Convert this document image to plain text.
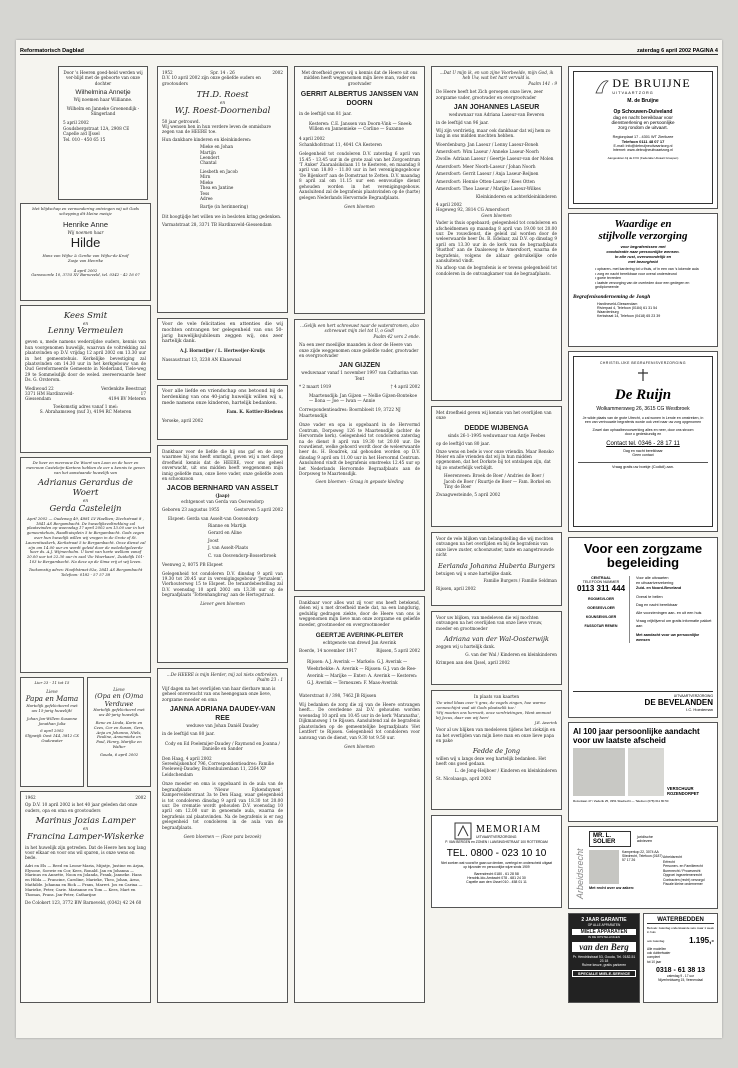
Reformatorisch Dagblad	zaterdag 6 april 2002 PAGINA 4
Door 's Heeren goed-heid werden wij ver-blijd met de geboorte van onze dochter
Wilhelmina Annetje
Wij noemen haar Willianne.
Wilhelm en Janneke Groenendijk - Slingerland
5 april 2002
Goudsbergstraat 12A, 2908 CE Capelle a/d IJssel
Tel. 010 - 450 65 15
Met blijdschap en verwondering ontvingen wij uit Gods schepping dit kleine meisje
Henrike Anne
Wij noemen haar
Hilde
Hans van Wijhe & Gerdie van Wijhe-de Kruif
Zusje van Henrike
4 april 2002
Gansvoorde 10, 3755 XV Barneveld, tel. 0342 - 42 16 07
Kees Smit
en
Lenny Vermeulen
geven u, mede namens wederzijdse ouders, kennis van hun voorgenomen huwelijk, waarvan de voltrekking zal plaatsvinden op D.V. vrijdag 12 april 2002 om 13.30 uur in het gemeentehuis. Kerkelijke bevestiging zal plaatsvinden om 14.30 uur in het kerkgebouw van de Oud Gereformeerde Gemeente in Nederland, Tiele-weg 29 te Sommelsdijk door de weled. zeereerwaarde heer Ds. G. Orsterom.
Wediwoud 22
3371 HM Hardinxveld-Giessendam
Verdenkite Beestraat 17
4194 BV Meteren
Toekomstig adres vanaf 1 mei:
S. Abrahamsweg (nuf 3), 4194 RC Meteren
De heer en mevrouw De Woert van Loon en de heer en mevrouw Casteleijn-Kartens hebben de eer u kennis te geven van het aanstaande huwelijk van
Adrianus Gerardus de Woert
en
Gerda Casteleijn
April 2002 — Oudeweg 49, 4881 LV Haelben; Ziechstraat 8 , 1841 AS Bergambacht. De huwelijksvoltrekking zal plaatsvinden op woensdag 17 april 2002 om 13.00 uur in het gemeentehuis, Raadhuisplein 5 te Bergambacht. Gods zegen over hun huwelijk willen wij vragen in de Grote of St. Laurentiuskerk, Kerkstraat 5 te Bergambacht. Onze dienst zal zijn om 14.00 uur en wordt geleid door de weledelgeleerde heer ds. A.J. Wijmenholm. U bent van harte welkom vanaf 20.00 uur tot 22.30 uur in zaal 'De Woerkaan', Zuidelijk 101-103 te Bergambacht. Na deze op de Sima vrij et wij leven.
Toekomstig adres: Hoofdstraat 82a, 2841 AS Bergambacht
Telefoon: 0182 - 57 57 38
Lier 23 - 11 tot 15
Lieve
Papa en Mama
Hartelijk gefeliciteerd met uw 15-jarig huwelijk!
Johan Jan-Willem Susanne Jonathan Julia
6 april 2002
Slijpwijk Oost 144, 3812 CX Oudewater
Lieve
(Opa en (O)ma
Verduwe
Hartelijk gefeliciteerd met uw 40-jarig huwelijk.
Rene en Linda, Karin en Cees, Cor en Susan, Gera, Anja en Johanna, Niels, Pauline, Annemieke en Paul, Henry, Marijke en Walter
Gouda, 6 april 2002
1962	2002
Op D.V. 10 april 2002 is het 40 jaar geleden dat onze ouders, opa en oma en grootouders
Marinus Jozias Lamper
en
Francina Lamper-Wiskerke
in het huwelijk zijn getreden. Dat de Heere hen nog lang voor elkaar en voor ons wil sparen, is onze wens en bede.
Adri en Els — Reed en Leone-Maria, Mijntje, Justine en Arjan, Elysone, Soewie en Cor, Kees, Ronald. Jan en Johanna — Marinus en Annette, Noon en Jolanda, Frank, Janneke. Hans en Hilda — Francine, Caroline, Marieke, Theo, Johan, Arno, Mathilde. Johanna en Rick — Frans, Marret. Jos en Carina — Marieke, Peter, Carie. Marianne en Tom — Kees, Mart en Thomas, Frans. Jan-Peter, Catharijne
De Colokert 123, 3772 BW Barneveld, (0342) 42 24 60
1952	Spr. 14 : 26	2002
D.V. 10 april 2002 zijn onze geliefde ouders en grootouders
TH.D. Roest
en
W.J. Roest-Doornenbal
50 jaar getrouwd.
Wij wensen hen in hun verdere leven de onmisbare zegen van de HEERE toe.
Hun dankbare kinderen en kleinkinderen:
Mieke en Johan
Martijn
Leendert
Chantal
Liesbeth en Jacob
Mirn
Mieke
Thea en Jantine
Tess
Adree
Bartje (in herinnering)
Dit hoogtijdje het willen we in besloten kring gedenken.
Varmatstraat 28, 3371 TB Hardinxveld-Giessendam
Voor de vele felicitaties en attenties die wij mochten ontvangen ter gelegenheid van ons 50-jarig huwelijksjubileum zeggen wij, ons zeer hartelijk dank.
A.J. Hornstijer / L. Hertweijer-Kruijs
Nassaustraat 13, 3238 AN Klaaswaal
Voor alle liefde en vriendschap ons betoond bij de herdenking van ons 40-jarig huwelijk willen wij u, mede namens onze kinderen, hartelijk bedanken.
Fam. K. Kottier-Riedens
Yerseke, april 2002
Dankbaar voor de liefde die hij ons gaf en de zorg waarmee hij ons heeft omringd, geven wij u met diepe droefheid kennis dat de HEERE, voor ons geheel onverwacht, uit ons midden heeft weggenomen mijn innig geliefde man, onze lieve vader, onze geliefde zoon en schoonzoon
JACOB BERNHARD VAN ASSELT
(Jaap)
echtgenoot van Gerda van Oosvendorp
Geboren 23 augustus 1955	Gestorven 5 april 2002
Elspeet: Gerda van Asselt-van Oosvendorp
Rianne en Martijn
Gerard en Aline
Joost
J. van Asselt-Plaats
C. van Oosvendorp-Bosserbroek
Veenweg 2, 8075 PB Elspeet
Gelegenheid tot condoleren D.V. dinsdag 9 april van 19.30 tot 20.45 uur in verenigingsgebouw 'Jeruzalem', Vierhouterweg 15 te Elspeet. De teraardebestelling zal D.V. woensdag 10 april 2002 om 13.30 uur op de begraafplaats 'Tottenhangbrug' aan de Hertogstraat.
Liever geen bloemen
...De HEERE is mijn Herder, mij zal niets ontbreken.
Psalm 23 : 1
Vijf dagen na het overlijden van haar dierbare man is geheel onverwacht van ons heengegaan onze lieve, zorgzame moeder en oma
JANNA ADRIANA DAUDEY-VAN REE
weduwe van Johan Daniël Daudey
in de leeftijd van 80 jaar.
Cody en Ed Poelemijer-Daudey / Raymond en Joanna / Danielle en Sander
Den Haag, 4 april 2002
Sereehijskenhof 796, Correspondentieadres: Familie Poeleweij-Daudey, Buitenhuizenlaan 11, 2264 XP Leidschendam
Onze moeder en oma is opgebaard in de aula van de begraafplaats 'Nieuw Eykenduynen', Kampervelderstraat 3a te Den Haag, waar gelegenheid is tot condoleren dinsdag 9 april van 18.30 tot 20.00 uur. De crematie wordt gehouden D.V. woensdag 10 april om 12.00 uur in genoemde aula, waarna de begrafenis zal plaatsvinden. Na de begrafenis is er nog gelegenheid tot condoleren in de aula van de begraafplaats.
Geen bloemen — (Face para bezoek)
Met droefheid geven wij u kennis dat de Heere uit ons midden heeft weggenomen mijn lieve man, vader en grootvader
GERRIT ALBERTUS JANSSEN VAN DOORN
in de leeftijd van 81 jaar.
Kesteren: C.E. Janssen van Doorn-Vink — Sneek: Willem en Jannemieke — Corline — Suzanne
4 april 2002
Schankhofstraat 11, 4041 CA Kesteren
Gelegenheid tot condoleren D.V. zaterdag 6 april van 15.45 - 13.45 uur in de grote zaal van het Zorgcentrum 'T Anker' Zaaraalsikslaan 11 te Kesteren, en maandag 8 april van 18.00 - 11.00 uur in het verenigingsgebouw 'De Bijenkorf' aan de Domstraat te Zetten. D.V. maandag 8 april zal om 11.15 uur een eenvoudige dienst gehouden worden in het verenigingsgebouw. Aansluitend zal de begrafenis plaatsvinden op de (harte) gelegen Nederlands Hervormde Begraafplaats.
Geen bloemen
...Gelijk een hert schreeuwt naar de waterstromen, alzo schreeuwt mijn ziel tot U, o God!
Psalm 42 vers 2 ende.
Na een zeer moeilijke maanden is door de Heere van onze zijde weggenomen onze geliefde vader, grootvader en overgrootvader
JAN GIJZEN
weduwnaar vanaf 1 november 1997 van Catharina van Tent
* 2 maart 1919	† 4 april 2002
Maartensdijk: Jan Gijzen — Nellie Gijzen-Bontekoe — Ilona — Joe — Iwan — Annie
Correspondentieadres: Boornbloeit 19, 3722 NJ Maartensdijk
Onze vader en opa is opgebaard in de Hervormd Centrum, Dorpsweg 126 te Maartensdijk (achter de Hervormde kerk). Gelegenheid tot condoleren zaterdag na de dienst 8 april van 19.30 tot 20.00 uur. De rouwdienst, welke gehoord wordt door de weleerwaarde heer ds. H. Boudrek, zal gehouden worden op D.V. dinsdag 9 april om 11.00 uur in het Hervormd Centrum. Aansluitend vindt de begrafenis omstreeks 12.45 uur op het Nederlands Hervormde Begraafplaats aan de Dorpsweg te Maartensdijk.
Geen bloemen - Graag in gepaste kleding
Dankbaar voor alles wat zij voor ons heeft betekend, delen wij u met droefheid mede dat, na een langdurig, geduldig gedragen ziekte, door de Heere van ons is weggenomen mijn lieve man onze zorgzame en geliefde moeder, grootmoeder en overgrootmoeder
GEERTJE AVERINK-PLEITER
echtgenote van drewd Jan Averink
Boerde, 14 november 1917	Rijssen, 5 april 2002
Rijssen: A.J. Averink — Markelo: G.J. Averink — Weehrbekke: A. Averink — Rijssen: G.J. van de Ree-Averink — Marijke — Enter: A. Averink — Kesteren: G.J. Averink — Terneuzen: F. Maas-Averink
Waterstraat 8 / 398, 7462 JB Rijssen
Wij bedanken de zorg die zij van de Heere ontvangen heeft... De overledene zal D.V. gehouden worden woensdag 10 april om 10.45 uur in de kerk 'Maranatha', Dijkmansweg 1 te Rijssen. Aansluitend zal de begrafenis plaatsvinden op de gemeentelijke begraafplaats 'Het Lentfert' te Rijssen. Gelegenheid tot condoleren voor aanvang van de dienst, van 9.30 tot 9.50 uur.
Geen bloemen
...Dat U mijn ik, en van zijne Voorbeelde, mijn God, ik heb Uw, wat het hart vervuld is.
Psalm 141 : 9
De Heere heeft het Zich geroepen onze lieve, zeer zorgzame vader, grootvader en overgrootvader
JAN JOHANNES LASEUR
weduwnaar van Adriana Laseur-van Beveren
in de leeftijd van 96 jaar.
Wij zijn verdrietig, maar ook dankbaar dat wij hem zo lang in ons midden mochten hebben.
Woerdenburg: Jan Laseur / Lenny Laseur-Boneh
Amersfoort: Wim Laseur / Anneke Laseur-Noorh
Zwolle: Adriaan Laseur / Geertje Laseur-van der Molen
Amersfoort: Meer Noorh-Laseur / Johan Noorh
Amersfoort: Gerrit Laseur / Anja Laseur-Reijnen
Amersfoort: Hennie Otten-Laseur / Kees Otten
Amersfoort: Theo Laseur / Marijke Laseur-Wilkes
Kleinkinderen en achterkleinkinderen
4 april 2002
Hogeweg 92, 3814 CG Amersfoort
Geen bloemen
Vader is thuis opgebaard; gelegenheid tot condoleren en afscheidnemen op maandag 8 april van 19.00 tot 20.00 uur. De rouwdienst, die geleid zal worden door de weleerwaarde heer Ds. B. Edelaar, zal D.V. op dinsdag 9 april om 13.30 uur in de kerk van de begraafplaats 'Rusthof' aan de Daalseweg te Amersfoort, waarna de begrafenis, volgens de aldaar gebruikelijke orde aansluitend vindt.
Na afloop van de begrafenis is er tevens gelegenheid tot condoleren in de ontvangkamer van de begraafplaats.
Met droefheid geven wij kennis van het overlijden van onze
DEDDE WIJBENGA
sinds 26-1-1995 weduwnaar van Antje Feebes
op de leeftijd van 80 jaar.
Onze wens en bede is voor onze vriendin. Maar Rensko Meier en alle vrienden dat wij in hun midden opgenomen, dat het Dorkste bij tot ontslapen zijn, dat hij zo onsterfelijk verblijdt.
Heerenveen: Broek de Boer / Andries de Boer / Jacob de Boer / Ruurtje de Boer — Fam. Borkel en Tiny de Boer
Zwaagwesteinde, 5 april 2002
Voor de vele blijken van belangstelling die wij mochten ontvangen na het overlijden en bij de begrafenis van onze lieve zuster, schoonzuster, tante en aangetrouwde nicht
Eerlanda Johanna Huberta Burgers
betuigen wij u onze hartelijke dank.
Familie Burgers / Familie Seldman
Rijssen, april 2002
Voor uw blijken, van medeleven die wij mochten ontvangen na het overlijden van onze lieve vrouw, moeder en grootmoeder
Adriana van der Wal-Oosterwijk
zeggen wij u hartelijk dank.
G. van der Wal / Kinderen en kleinkinderen
Krimpen aan den IJssel, april 2002
In plaats van kaarten
'De wind blaas over 't gras, de vogels zingen, hoe warme zonneschijnt vaal uit Gods plaatselik toe.'
'Wij moeten ons herroeit, onze verdrietingen, Want ammost bij Jezus, daar van wij hem'
J.E. Averink
Voor al uw blijken van medeleven tijdens het ziekzijn en na het overlijden van mijn lieve man en onze lieve papa en pake
Fedde de Jong
willen wij u langs deze weg hartelijk bedanken. Het heeft ons goed gedaan.
L. de Jong-Heijboer / Kinderen en kleinkinderen
St. Nicolaasga, april 2002
MEMORIAM
UITVAARTVERZORGING
P. VAN BERGEN en ZONEN / LANSINGHSTRAAT 100 ROTTERDAM
TEL. 0800 - 023 10 10
Niet zoeken wat vooraf te gaan uw denken, overlegd en onderscheid uitgaat
op bijzonder en persoonlijke wijze sinds 1909
Barendrecht 0180 - 61 28 58
Hendrik-Ido-Ambacht 078 - 681 24 30
Capelle aan den IJssel 010 - 458 01 11
DE BRUIJNE
UITVAARTZORG
M. de Bruijne
Op Schouwen-Duiveland
dag en nacht bereikbaar voor
dienstverlening en persoonlijke
zorg rondom de uitvaart.
Regionplaat 17 - 4301 WT Zierikzee
Telefoon 0111 48 07 17
E-mail: info@debruijneuitvaartzorg.nl
Internet: www.debruijneuitvaartzorg.nl
Aangesloten bij de FVU (Federatie Uitvaart Groepen)
Waardige en
stijlvolle verzorging
voor begrafenissen met
condoleatie naar persoonlijke wensen.
In alle rust, overwoordelijk en
met bezorgheid
• opbaren- met kardering tot u thuis, of in een van 's lokende aula
• zorg en nacht bereikbaar voor overal ondersteund
• goeie tevreden
• laatste verzorging van de overleden door een gedegen en gediplomeerde
Begrafenisonderneming de Jongh
Hardinxveld-Giessendam
Rivierpad 4, Telefoon (0184) 61 31 54
Waardenburg
Kerkstraat 14, Telefoon (0418) 65 23 39
CHRISTELIJKE BEGRAFENISVERZORGING
De Ruijn
Wolkammersweg 26, 3615 CG Westbroek
Je wilde plaats van de grote Utrecht, u zal wonen in Lende en omstreken, in
een van vertrouwde begrafenis worde ook veel naar uw zorg opgenomen
Zowel dan ophaalbevoorwerking alles en neer, door ons stroom
door u gedeskundig en
Contact tel. 0346 - 28 17 11
Dag en nacht bereikbaar
Geen contact
Vraag gratis uw boekje (Codicil) aan.
Voor een zorgzame
begeleiding
CENTRAAL
TELEFOON NUMMER
0113 311 444
ROOMSVLOER
GOESESVLOER
KOUNSENVLOER
FASSOTAR RENEN
Voor alle uitvaarten
en uitvaartverzekering
Zuid- en Noord-Beveland
Overal te bellen
Dag en nacht bereikbaar
Alle voorzieningen aan- en uit een huis
Vraag vrijblijvend om gratis informatie pakket aan
Met aandacht voor uw persoonlijke wensen
UITVAARTVERZORGING
DE BEVELANDEN
I.C. Hoedeman
Al 100 jaar persoonlijke aandacht
voor uw laatste afscheid
VERSCHUUR ROZENDORPET
Rozenlaan 47 / Zederik 25, 3351 Sliedrecht — Telefoon (078) 611 80 50
Arbeidsrecht
MR. L. SOLIER
juridische adviezen
Kamperkop 22, 3074 AA Sliedrecht, Telefoon (0187) 57 17 26
Met recht over uw zaken:
Arbeidsrecht
Erfrecht
Personen- en Familierecht
Burenrecht / Procesrecht
Opgroei ingezetenenrecht
Contracten (recht) verzorgd
Fiscale kleine ondernemer
2 JAAR GARANTIE
OP ALLE APPARATEN
MIELE APPARATEN
IN DE OPSTELLINGEN
van den Berg
Pr. Hendrikstraat 53, Gouda, Tel. 0182-51 23 18
Ruime keuze, gratis parkeren
SPECIALE MIELE-SERVICE
WATERBEDDEN
Bezoek: zaterdag onderstaande sets maar 1 week in huis
ook zaterdag	1.195,-
Alle modellen
ook dubbelwater
compleet
tot 10 jaar
0318 - 61 38 13
zaterdag 9 - 17 uur
Nijverheidsweg 15, Veenendaal
